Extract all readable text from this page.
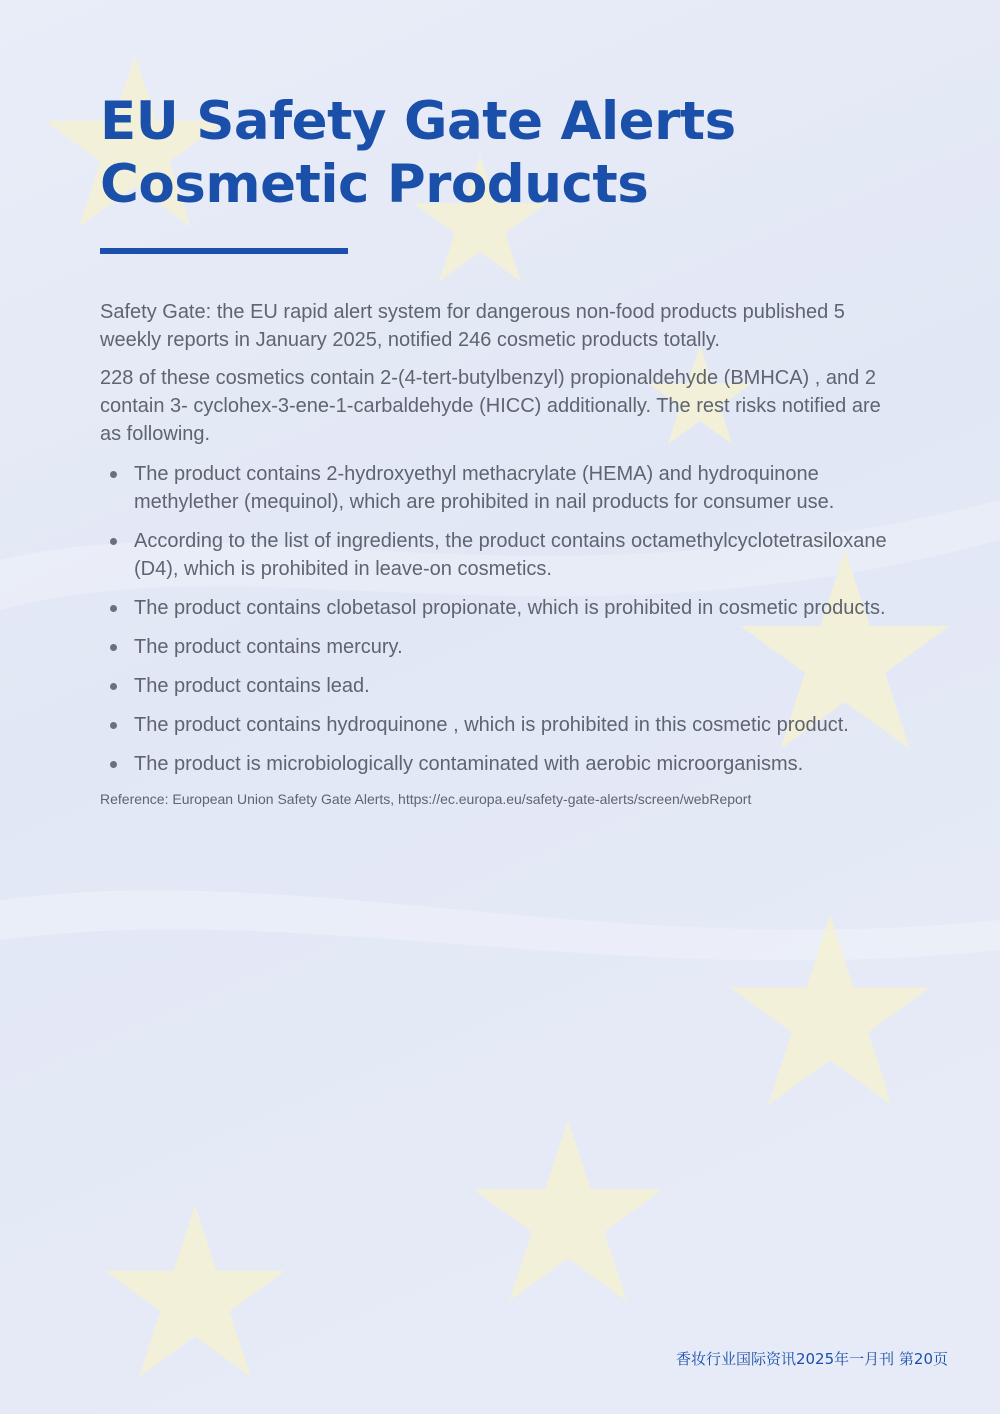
EU Safety Gate Alerts
Cosmetic Products

Safety Gate: the EU rapid alert system for dangerous non-food products published 5 weekly reports in January 2025, notified 246 cosmetic products totally.

228 of these cosmetics contain 2-(4-tert-butylbenzyl) propionaldehyde (BMHCA) , and 2 contain 3- cyclohex-3-ene-1-carbaldehyde (HICC) additionally. The rest risks notified are as following.

The product contains 2-hydroxyethyl methacrylate (HEMA) and hydroquinone methylether (mequinol), which are prohibited in nail products for consumer use.
According to the list of ingredients, the product contains octamethylcyclotetrasiloxane (D4), which is prohibited in leave-on cosmetics.
The product contains clobetasol propionate, which is prohibited in cosmetic products.
The product contains mercury.
The product contains lead.
The product contains hydroquinone , which is prohibited in this cosmetic product.
The product is microbiologically contaminated with aerobic microorganisms.
Reference: European Union Safety Gate Alerts, https://ec.europa.eu/safety-gate-alerts/screen/webReport
香妆行业国际资讯2025年一月刊 第20页
